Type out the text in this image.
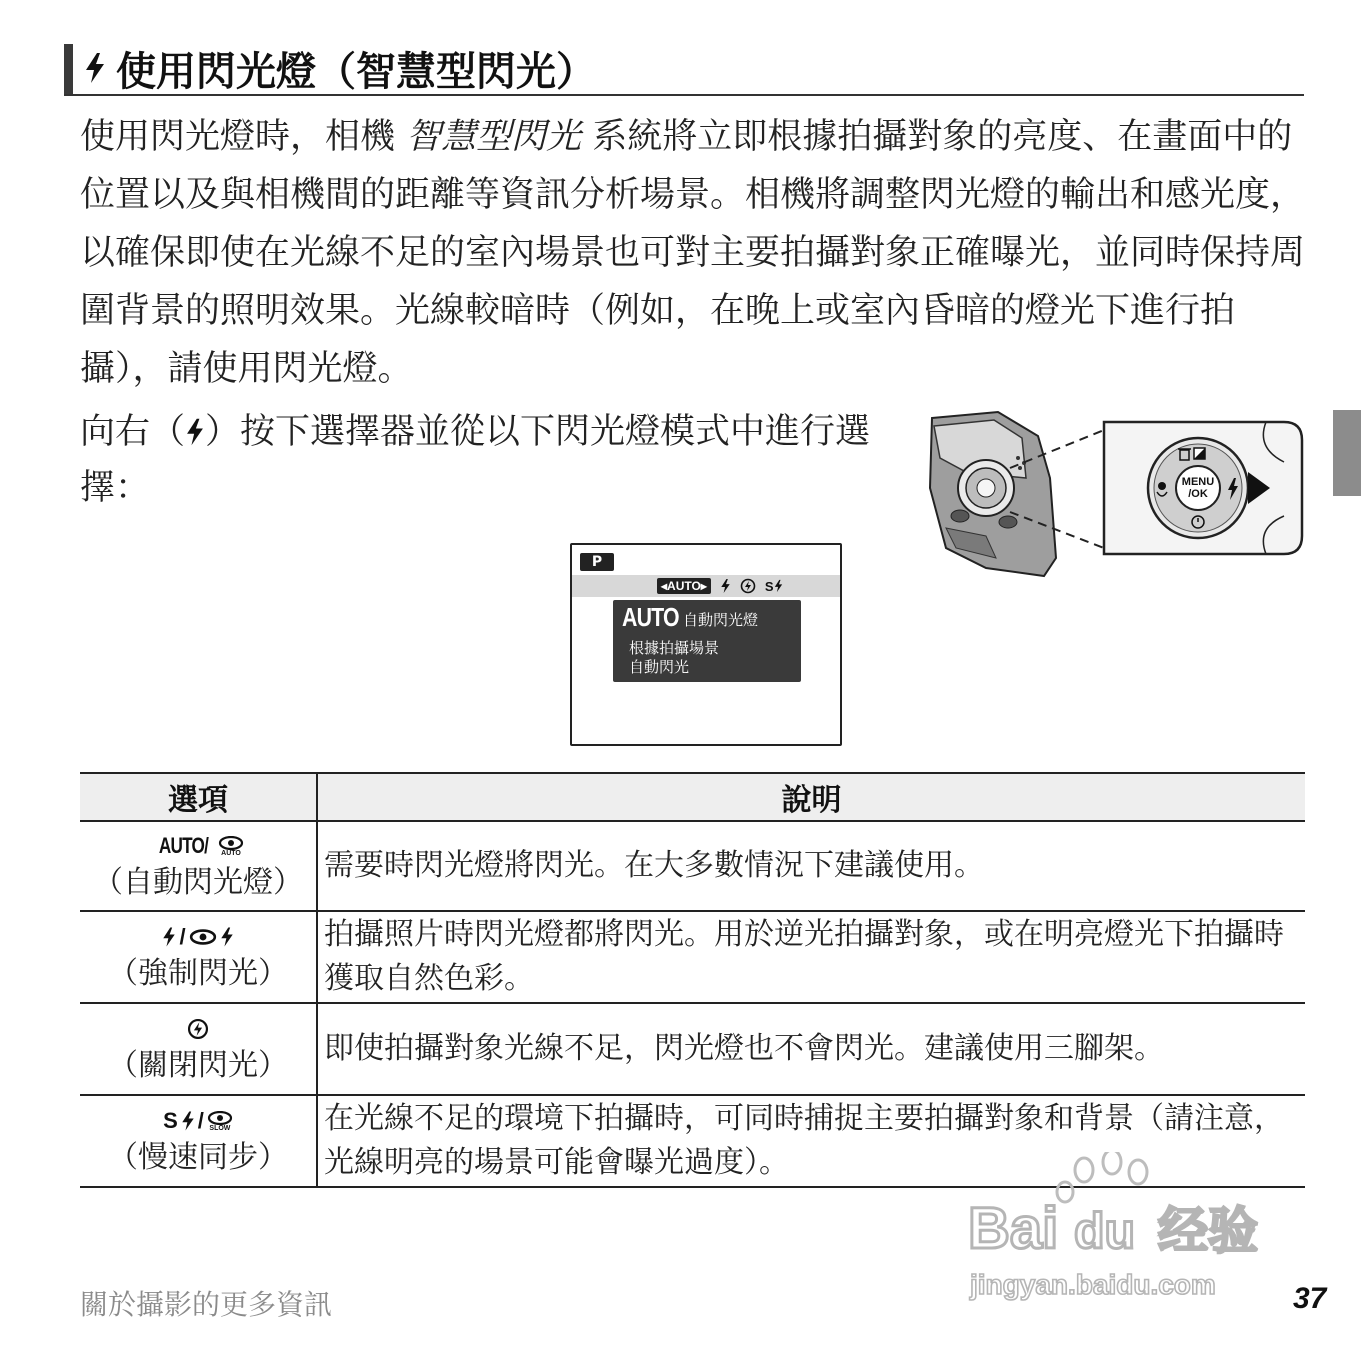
使用閃光燈（智慧型閃光）
使用閃光燈時，相機 智慧型閃光 系統將立即根據拍攝對象的亮度、在畫面中的位置以及與相機間的距離等資訊分析場景。相機將調整閃光燈的輸出和感光度，以確保即使在光線不足的室內場景也可對主要拍攝對象正確曝光，並同時保持周圍背景的照明效果。光線較暗時（例如，在晚上或室內昏暗的燈光下進行拍攝），請使用閃光燈。
向右（ ）按下選擇器並從以下閃光燈模式中進行選擇：	MENU
/OK
P
◂AUTO▸	S
AUTO 自動閃光燈
根據拍攝場景
自動閃光
選項	說明

AUTO/ AUTO
（自動閃光燈）	需要時閃光燈將閃光。在大多數情況下建議使用。

/
（強制閃光）	拍攝照片時閃光燈都將閃光。用於逆光拍攝對象，或在明亮燈光下拍攝時獲取自然色彩。

（關閉閃光）	即使拍攝對象光線不足，閃光燈也不會閃光。建議使用三腳架。

S / SLOW
（慢速同步）	在光線不足的環境下拍攝時，可同時捕捉主要拍攝對象和背景（請注意，光線明亮的場景可能會曝光過度）。
Bai du 经验
jingyan.baidu.com
關於攝影的更多資訊	37
